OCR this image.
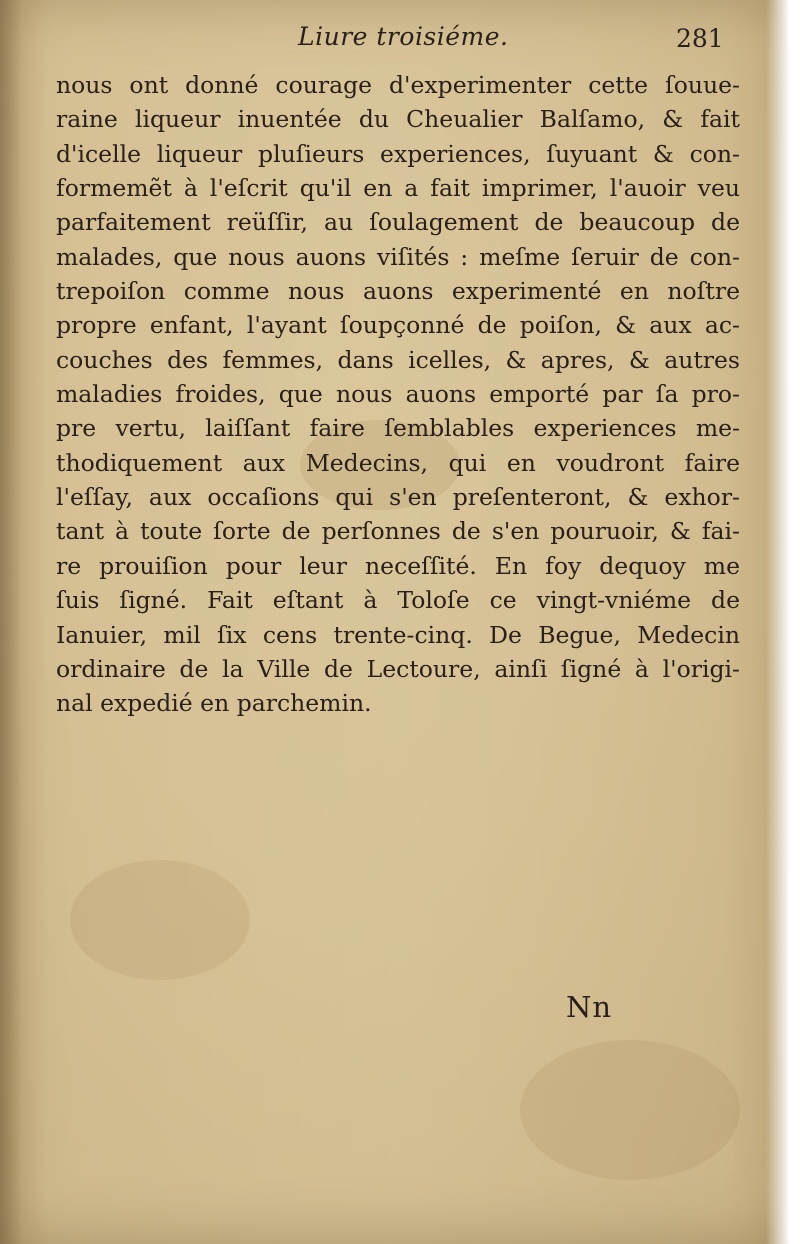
Liure troisiéme.	281
nous ont donné courage d'experimenter cette ſouue-
raine liqueur inuentée du Cheualier Balſamo, & fait
d'icelle liqueur pluſieurs experiences, ſuyuant & con-
formemẽt à l'eſcrit qu'il en a fait imprimer, l'auoir veu
parfaitement reüſſir, au ſoulagement de beaucoup de
malades, que nous auons viſités : meſme ſeruir de con-
trepoiſon comme nous auons experimenté en noſtre
propre enfant, l'ayant ſoupçonné de poiſon, & aux ac-
couches des femmes, dans icelles, & apres, & autres
maladies froides, que nous auons emporté par ſa pro-
pre vertu, laiſſant faire ſemblables experiences me-
thodiquement aux Medecins, qui en voudront faire
l'eſſay, aux occaſions qui s'en preſenteront, & exhor-
tant à toute ſorte de perſonnes de s'en pouruoir, & fai-
re prouiſion pour leur neceſſité. En foy dequoy me
ſuis ſigné. Fait eſtant à Toloſe ce vingt-vniéme de
Ianuier, mil ſix cens trente-cinq. De Begue, Medecin
ordinaire de la Ville de Lectoure, ainſi ſigné à l'origi-
nal expedié en parchemin.
Nn
